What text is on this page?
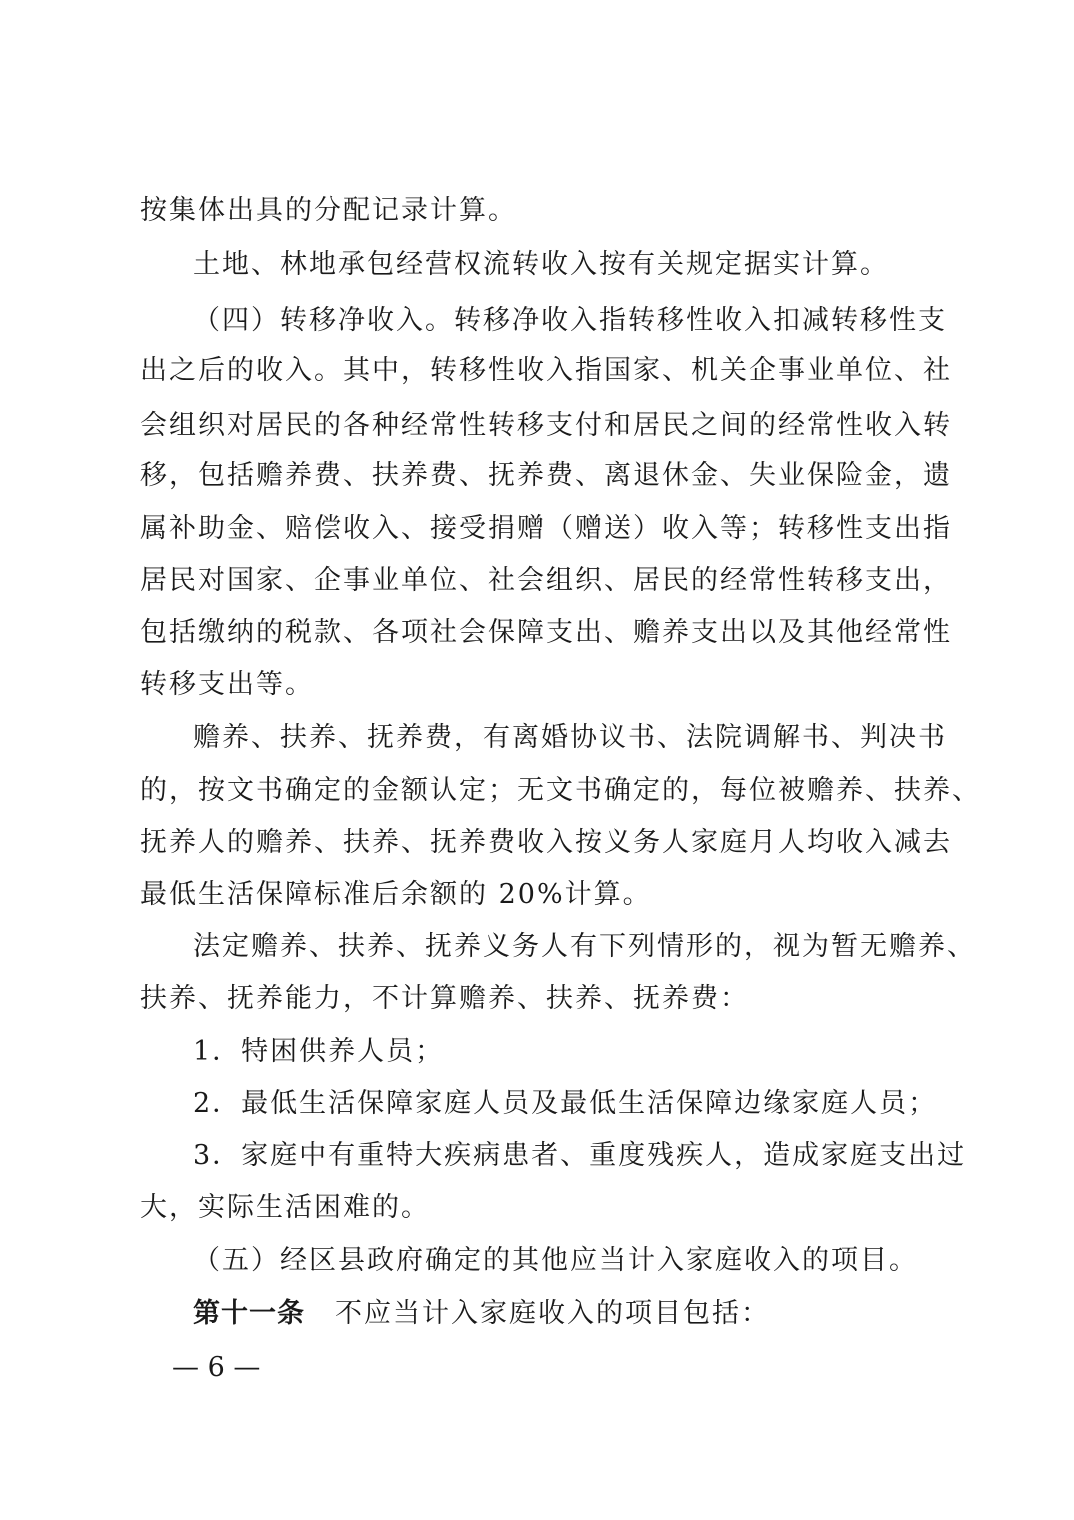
按集体出具的分配记录计算。
土地、林地承包经营权流转收入按有关规定据实计算。
（四）转移净收入。转移净收入指转移性收入扣减转移性支
出之后的收入。其中，转移性收入指国家、机关企事业单位、社
会组织对居民的各种经常性转移支付和居民之间的经常性收入转
移，包括赡养费、扶养费、抚养费、离退休金、失业保险金，遗
属补助金、赔偿收入、接受捐赠（赠送）收入等；转移性支出指
居民对国家、企事业单位、社会组织、居民的经常性转移支出，
包括缴纳的税款、各项社会保障支出、赡养支出以及其他经常性
转移支出等。
赡养、扶养、抚养费，有离婚协议书、法院调解书、判决书
的，按文书确定的金额认定；无文书确定的，每位被赡养、扶养、
抚养人的赡养、扶养、抚养费收入按义务人家庭月人均收入减去
最低生活保障标准后余额的 20%计算。
法定赡养、扶养、抚养义务人有下列情形的，视为暂无赡养、
扶养、抚养能力，不计算赡养、扶养、抚养费：
1．特困供养人员；
2．最低生活保障家庭人员及最低生活保障边缘家庭人员；
3．家庭中有重特大疾病患者、重度残疾人，造成家庭支出过
大，实际生活困难的。
（五）经区县政府确定的其他应当计入家庭收入的项目。
第十一条 不应当计入家庭收入的项目包括：
— 6 —
